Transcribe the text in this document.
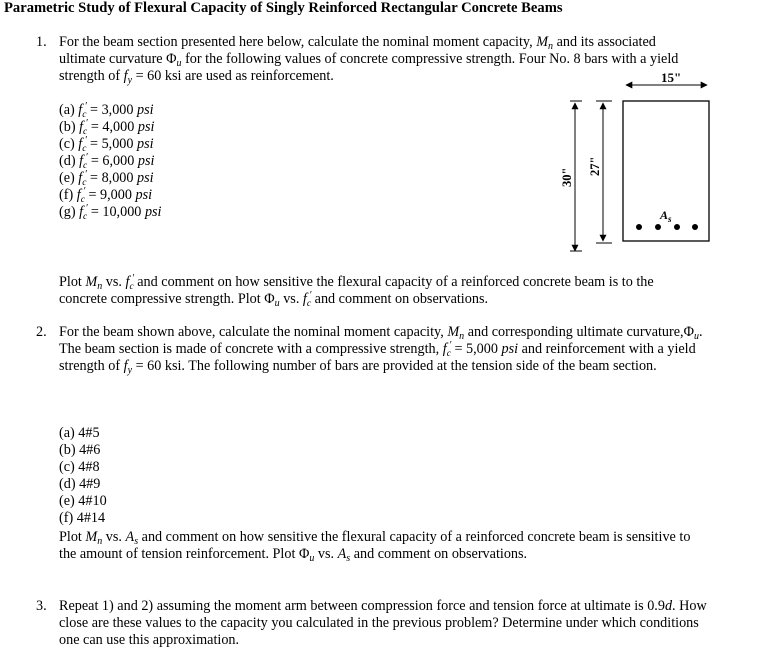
Parametric Study of Flexural Capacity of Singly Reinforced Rectangular Concrete Beams
1. For the beam section presented here below, calculate the nominal moment capacity, $M_n$ and its associated
ultimate curvature $\Phi_u$ for the following values of concrete compressive strength. Four No. 8 bars with a yield
strength of $f_y = 60$ ksi are used as reinforcement.
(a) f ′
$_c$ = 3,000 psi
(b) f ′
$_c$ = 4,000 psi
(c) f ′
$_c$ = 5,000 psi
(d) f ′
$_c$ = 6,000 psi
(e) f ′
$_c$ = 8,000 psi
(f) f ′
$_c$ = 9,000 psi
(g) f ′
$_c$ = 10,000 psi
15"
30"
27"
$A_s$
Plot $M_n$ vs. f ′
$_c$ and comment on how sensitive the flexural capacity of a reinforced concrete beam is to the
concrete compressive strength. Plot $\Phi_u$ vs. f ′
$_c$ and comment on observations.
2. For the beam shown above, calculate the nominal moment capacity, $M_n$ and corresponding ultimate $curvature,\Phi_u$.
The beam section is made of concrete with a compressive strength, f ′
$_c$ = 5,000 psi and reinforcement with a yield
strength of $f_y = 60$ ksi. The following number of bars are provided at the tension side of the beam section.
(a) 4#5
(b) 4#6
(c) 4#8
(d) 4#9
(e) 4#10
(f) 4#14
Plot $M_n$ vs. $A_s$ and comment on how sensitive the flexural capacity of a reinforced concrete beam is sensitive to
the amount of tension reinforcement. Plot $\Phi_u$ vs. $A_s$ and comment on observations.
3. Repeat 1) and 2) assuming the moment arm between compression force and tension force at ultimate is 0.9d. How
close are these values to the capacity you calculated in the previous problem? Determine under which conditions
one can use this approximation.
